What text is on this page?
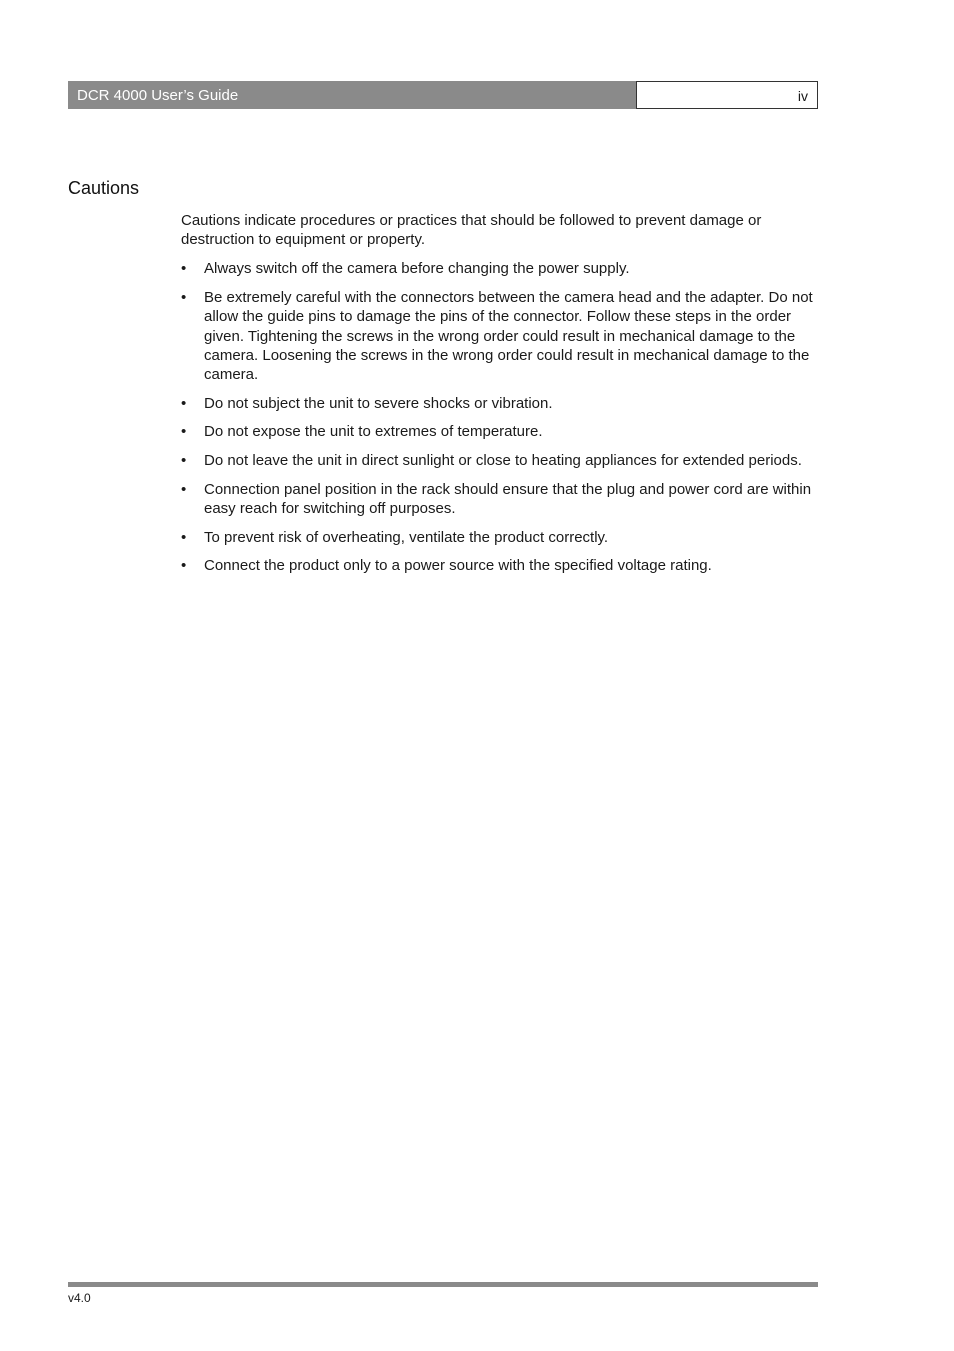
DCR 4000 User’s Guide	iv
Cautions

Cautions indicate procedures or practices that should be followed to prevent damage or destruction to equipment or property.

• Always switch off the camera before changing the power supply.
• Be extremely careful with the connectors between the camera head and the adapter. Do not allow the guide pins to damage the pins of the connector. Follow these steps in the order given. Tightening the screws in the wrong order could result in mechanical damage to the camera. Loosening the screws in the wrong order could result in mechanical damage to the camera.
• Do not subject the unit to severe shocks or vibration.
• Do not expose the unit to extremes of temperature.
• Do not leave the unit in direct sunlight or close to heating appliances for extended periods.
• Connection panel position in the rack should ensure that the plug and power cord are within easy reach for switching off purposes.
• To prevent risk of overheating, ventilate the product correctly.
• Connect the product only to a power source with the specified voltage rating.
v4.0
